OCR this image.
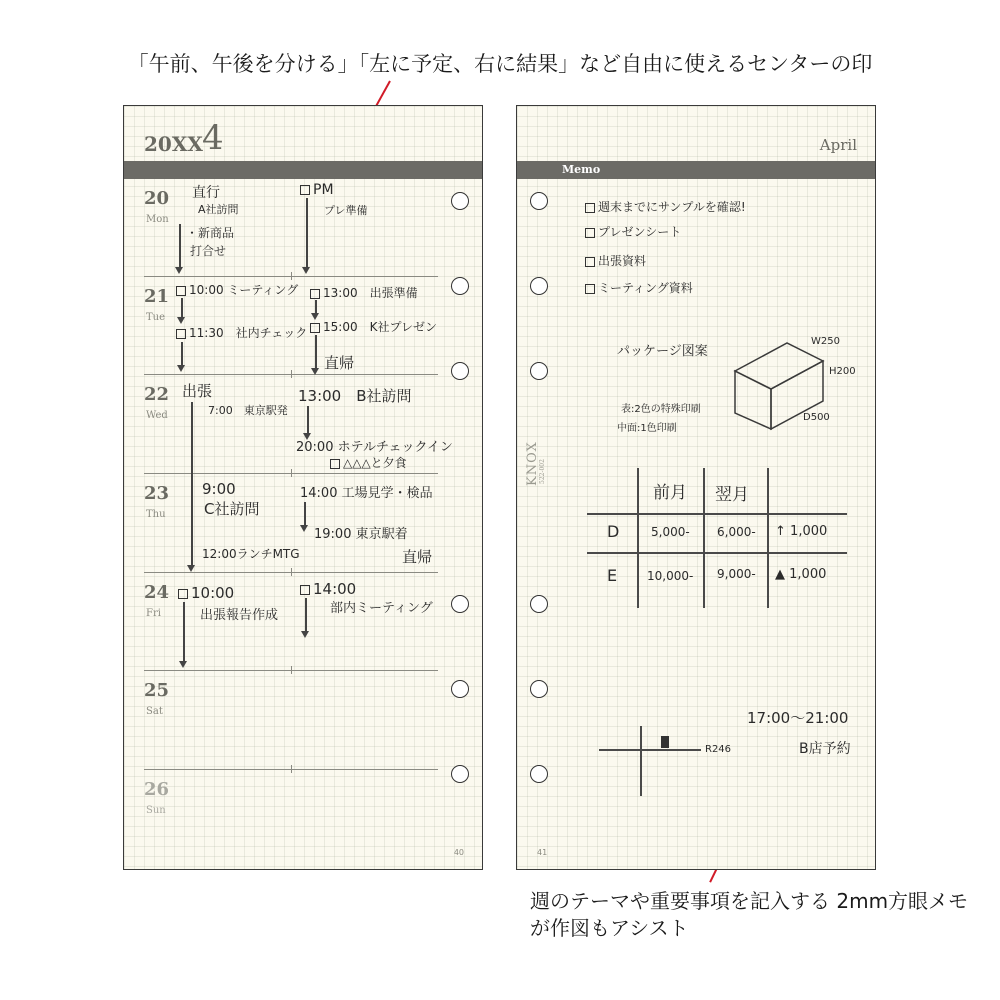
「午前、午後を分ける」「左に予定、右に結果」など自由に使えるセンターの印
週のテーマや重要事項を記入する 2mm方眼メモが作図もアシスト
20XX 4
20
Mon
21
Tue
22
Wed
23
Thu
24
Fri
25
Sat
26
Sun
直行
A社訪問
・新商品
打合せ
PM
プレ準備
10:00 ミーティング
11:30　社内チェック
13:00　出張準備
15:00　K社プレゼン
直帰
出張
7:00　東京駅発
13:00　B社訪問
20:00 ホテルチェックイン
△△△と夕食
9:00
C社訪問
14:00 工場見学・検品
19:00 東京駅着
12:00ランチMTG	直帰
10:00
出張報告作成
14:00
部内ミーティング
40
April
Memo
週末までにサンプルを確認!
プレゼンシート
出張資料
ミーティング資料
パッケージ図案
W250
H200
D500
表:2色の特殊印刷
中面:1色印刷
KNOX 522-002
前月 翌月
D	5,000- 6,000- ↑ 1,000
E 10,000- 9,000- ▲ 1,000
17:00〜21:00
B店予約
R246
41
